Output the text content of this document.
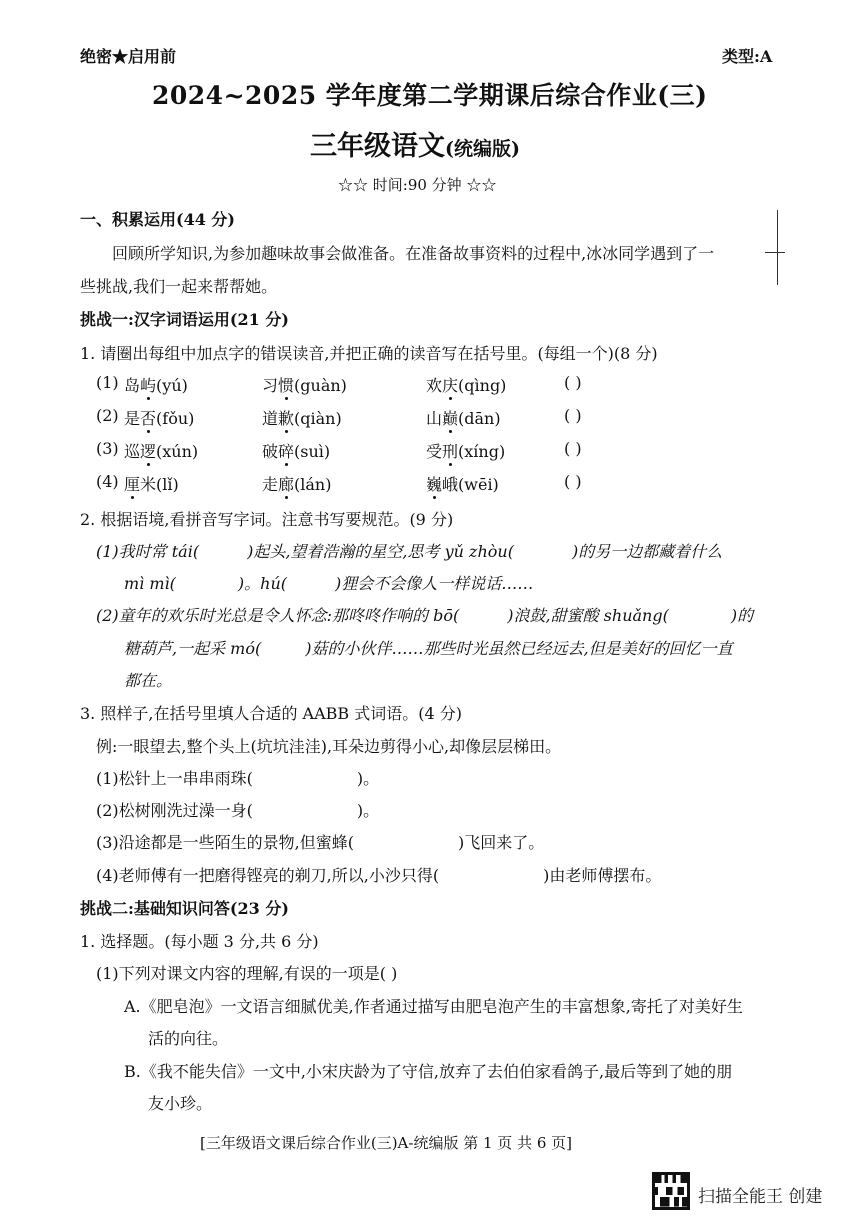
绝密★启用前	类型:A
2024~2025 学年度第二学期课后综合作业(三)
三年级语文(统编版)
☆☆ 时间:90 分钟 ☆☆
一、积累运用(44 分)
回顾所学知识,为参加趣味故事会做准备。在准备故事资料的过程中,冰冰同学遇到了一
些挑战,我们一起来帮帮她。
挑战一:汉字词语运用(21 分)
1. 请圈出每组中加点字的错误读音,并把正确的读音写在括号里。(每组一个)(8 分)
(1) 岛屿(yú)	习惯(guàn)	欢庆(qìng)	( )
(2) 是否(fǒu)	道歉(qiàn)	山巅(dān)	( )
(3) 巡逻(xún)	破碎(suì)	受刑(xíng)	( )
(4) 厘米(lǐ)	走廊(lán)	巍峨(wēi)	( )
2. 根据语境,看拼音写字词。注意书写要规范。(9 分)
(1)我时常 tái(	)起头,望着浩瀚的星空,思考 yǔ zhòu(	)的另一边都藏着什么
mì mì(	)。hú(	)狸会不会像人一样说话……
(2)童年的欢乐时光总是令人怀念:那咚咚作响的 bō(	)浪鼓,甜蜜酸 shuǎng(	)的
糖葫芦,一起采 mó(	)菇的小伙伴……那些时光虽然已经远去,但是美好的回忆一直
都在。
3. 照样子,在括号里填人合适的 AABB 式词语。(4 分)
例:一眼望去,整个头上(坑坑洼洼),耳朵边剪得小心,却像层层梯田。
(1)松针上一串串雨珠(	)。
(2)松树刚洗过澡一身(	)。
(3)沿途都是一些陌生的景物,但蜜蜂(	)飞回来了。
(4)老师傅有一把磨得铿亮的剃刀,所以,小沙只得(	)由老师傅摆布。
挑战二:基础知识问答(23 分)
1. 选择题。(每小题 3 分,共 6 分)
(1)下列对课文内容的理解,有误的一项是( )
A.《肥皂泡》一文语言细腻优美,作者通过描写由肥皂泡产生的丰富想象,寄托了对美好生
活的向往。
B.《我不能失信》一文中,小宋庆龄为了守信,放弃了去伯伯家看鸽子,最后等到了她的朋
友小珍。
[三年级语文课后综合作业(三)A-统编版 第 1 页 共 6 页]
扫描全能王 创建
